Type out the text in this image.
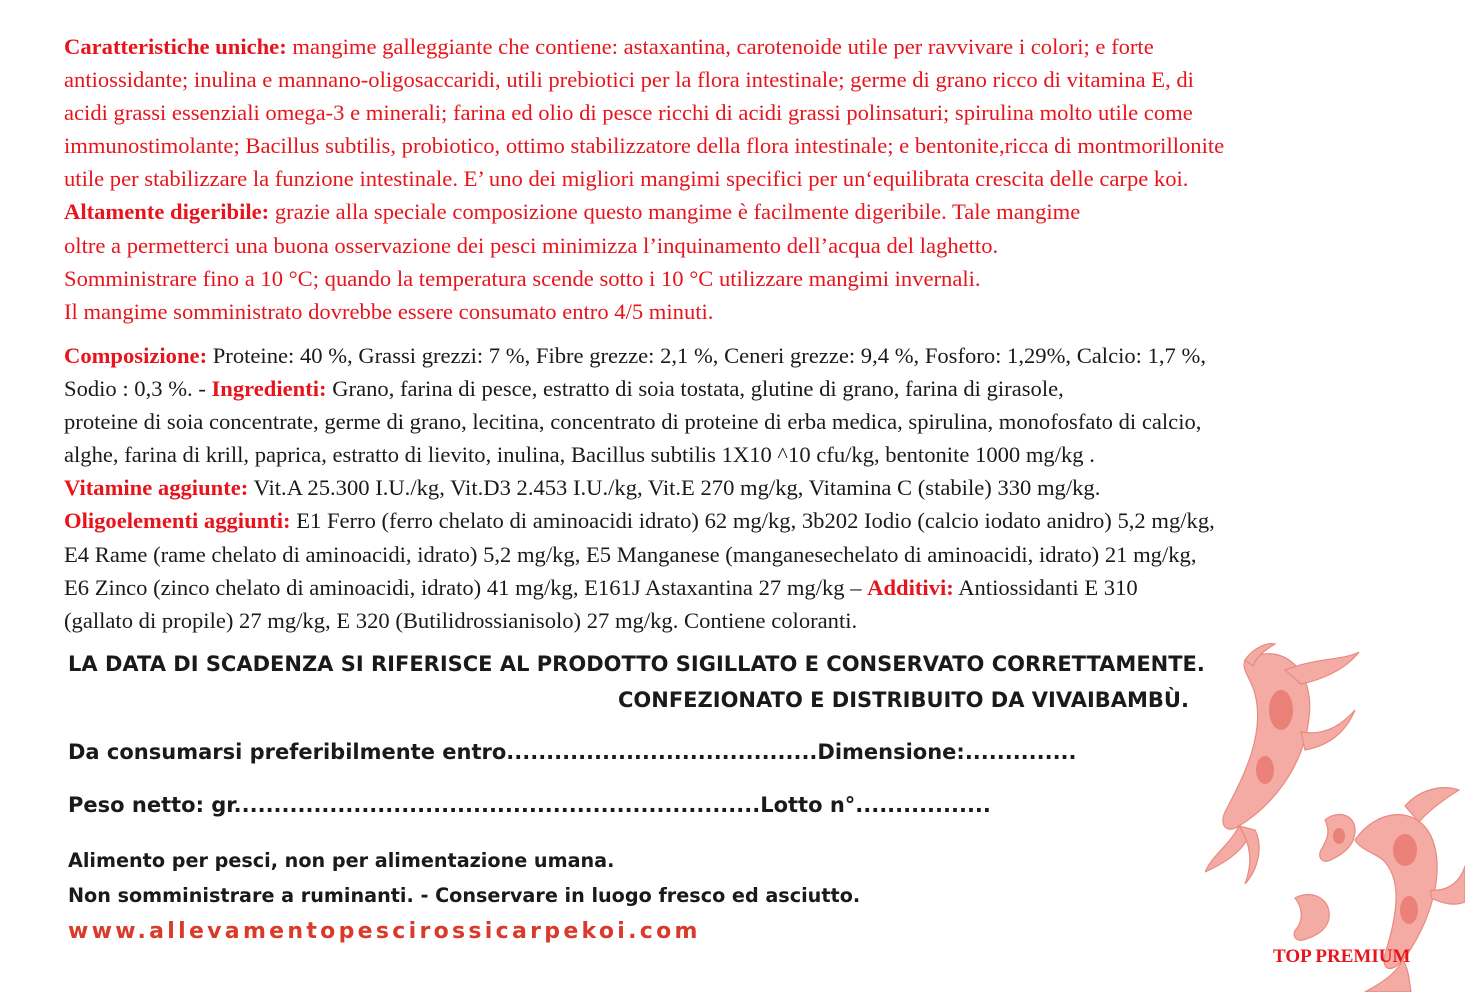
Caratteristiche uniche: mangime galleggiante che contiene: astaxantina, carotenoide utile per ravvivare i colori; e forte
antiossidante; inulina e mannano-oligosaccaridi, utili prebiotici per la flora intestinale; germe di grano ricco di vitamina E, di
acidi grassi essenziali omega-3 e minerali; farina ed olio di pesce ricchi di acidi grassi polinsaturi; spirulina molto utile come
immunostimolante; Bacillus subtilis, probiotico, ottimo stabilizzatore della flora intestinale; e bentonite,ricca di montmorillonite
utile per stabilizzare la funzione intestinale. E’ uno dei migliori mangimi specifici per un‘equilibrata crescita delle carpe koi.
Altamente digeribile: grazie alla speciale composizione questo mangime è facilmente digeribile. Tale mangime
oltre a permetterci una buona osservazione dei pesci minimizza l’inquinamento dell’acqua del laghetto.
Somministrare fino a 10 °C; quando la temperatura scende sotto i 10 °C utilizzare mangimi invernali.
Il mangime somministrato dovrebbe essere consumato entro 4/5 minuti.
Composizione: Proteine: 40 %, Grassi grezzi: 7 %, Fibre grezze: 2,1 %, Ceneri grezze: 9,4 %, Fosforo: 1,29%, Calcio: 1,7 %,
Sodio : 0,3 %. - Ingredienti: Grano, farina di pesce, estratto di soia tostata, glutine di grano, farina di girasole,
proteine di soia concentrate, germe di grano, lecitina, concentrato di proteine di erba medica, spirulina, monofosfato di calcio,
alghe, farina di krill, paprica, estratto di lievito, inulina, Bacillus subtilis 1X10 ^10 cfu/kg, bentonite 1000 mg/kg .
Vitamine aggiunte: Vit.A 25.300 I.U./kg, Vit.D3 2.453 I.U./kg, Vit.E 270 mg/kg, Vitamina C (stabile) 330 mg/kg.
Oligoelementi aggiunti: E1 Ferro (ferro chelato di aminoacidi idrato) 62 mg/kg, 3b202 Iodio (calcio iodato anidro) 5,2 mg/kg,
E4 Rame (rame chelato di aminoacidi, idrato) 5,2 mg/kg, E5 Manganese (manganesechelato di aminoacidi, idrato) 21 mg/kg,
E6 Zinco (zinco chelato di aminoacidi, idrato) 41 mg/kg, E161J Astaxantina 27 mg/kg – Additivi: Antiossidanti E 310
(gallato di propile) 27 mg/kg, E 320 (Butilidrossianisolo) 27 mg/kg. Contiene coloranti.
LA DATA DI SCADENZA SI RIFERISCE AL PRODOTTO SIGILLATO E CONSERVATO CORRETTAMENTE.
CONFEZIONATO E DISTRIBUITO DA VIVAIBAMBÙ.
Da consumarsi preferibilmente entro.......................................Dimensione:..............
Peso netto: gr..................................................................Lotto n°.................
Alimento per pesci, non per alimentazione umana.
Non somministrare a ruminanti. - Conservare in luogo fresco ed asciutto.
www.allevamentopescirossicarpekoi.com
TOP PREMIUM
